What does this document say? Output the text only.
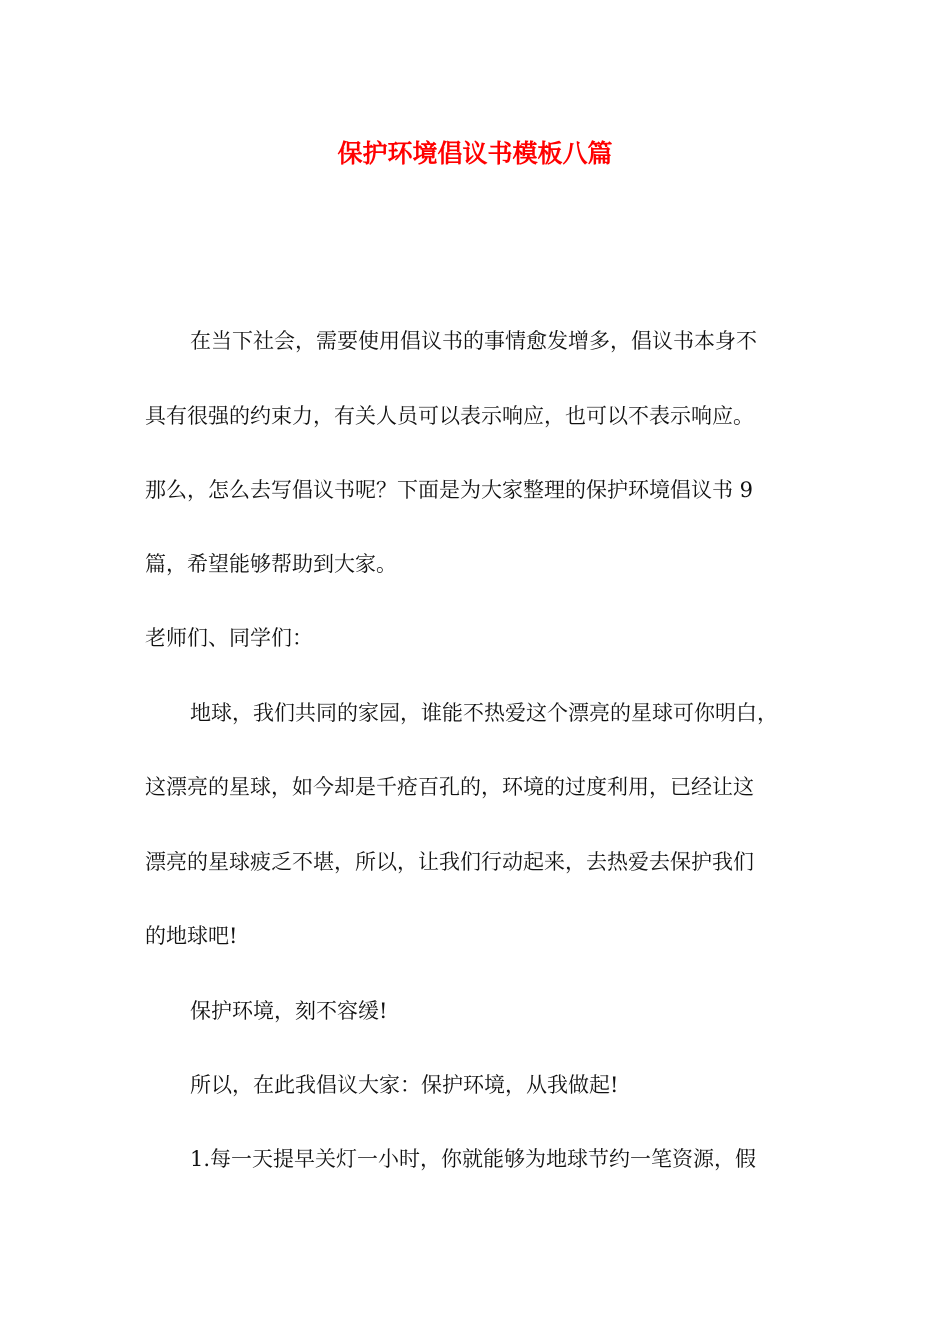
保护环境倡议书模板八篇

在当下社会，需要使用倡议书的事情愈发增多，倡议书本身不

具有很强的约束力，有关人员可以表示响应，也可以不表示响应。

那么，怎么去写倡议书呢？下面是为大家整理的保护环境倡议书 9

篇，希望能够帮助到大家。

老师们、同学们：

地球，我们共同的家园，谁能不热爱这个漂亮的星球可你明白，

这漂亮的星球，如今却是千疮百孔的，环境的过度利用，已经让这

漂亮的星球疲乏不堪，所以，让我们行动起来，去热爱去保护我们

的地球吧!

保护环境，刻不容缓!

所以，在此我倡议大家：保护环境，从我做起!

1.每一天提早关灯一小时，你就能够为地球节约一笔资源，假
